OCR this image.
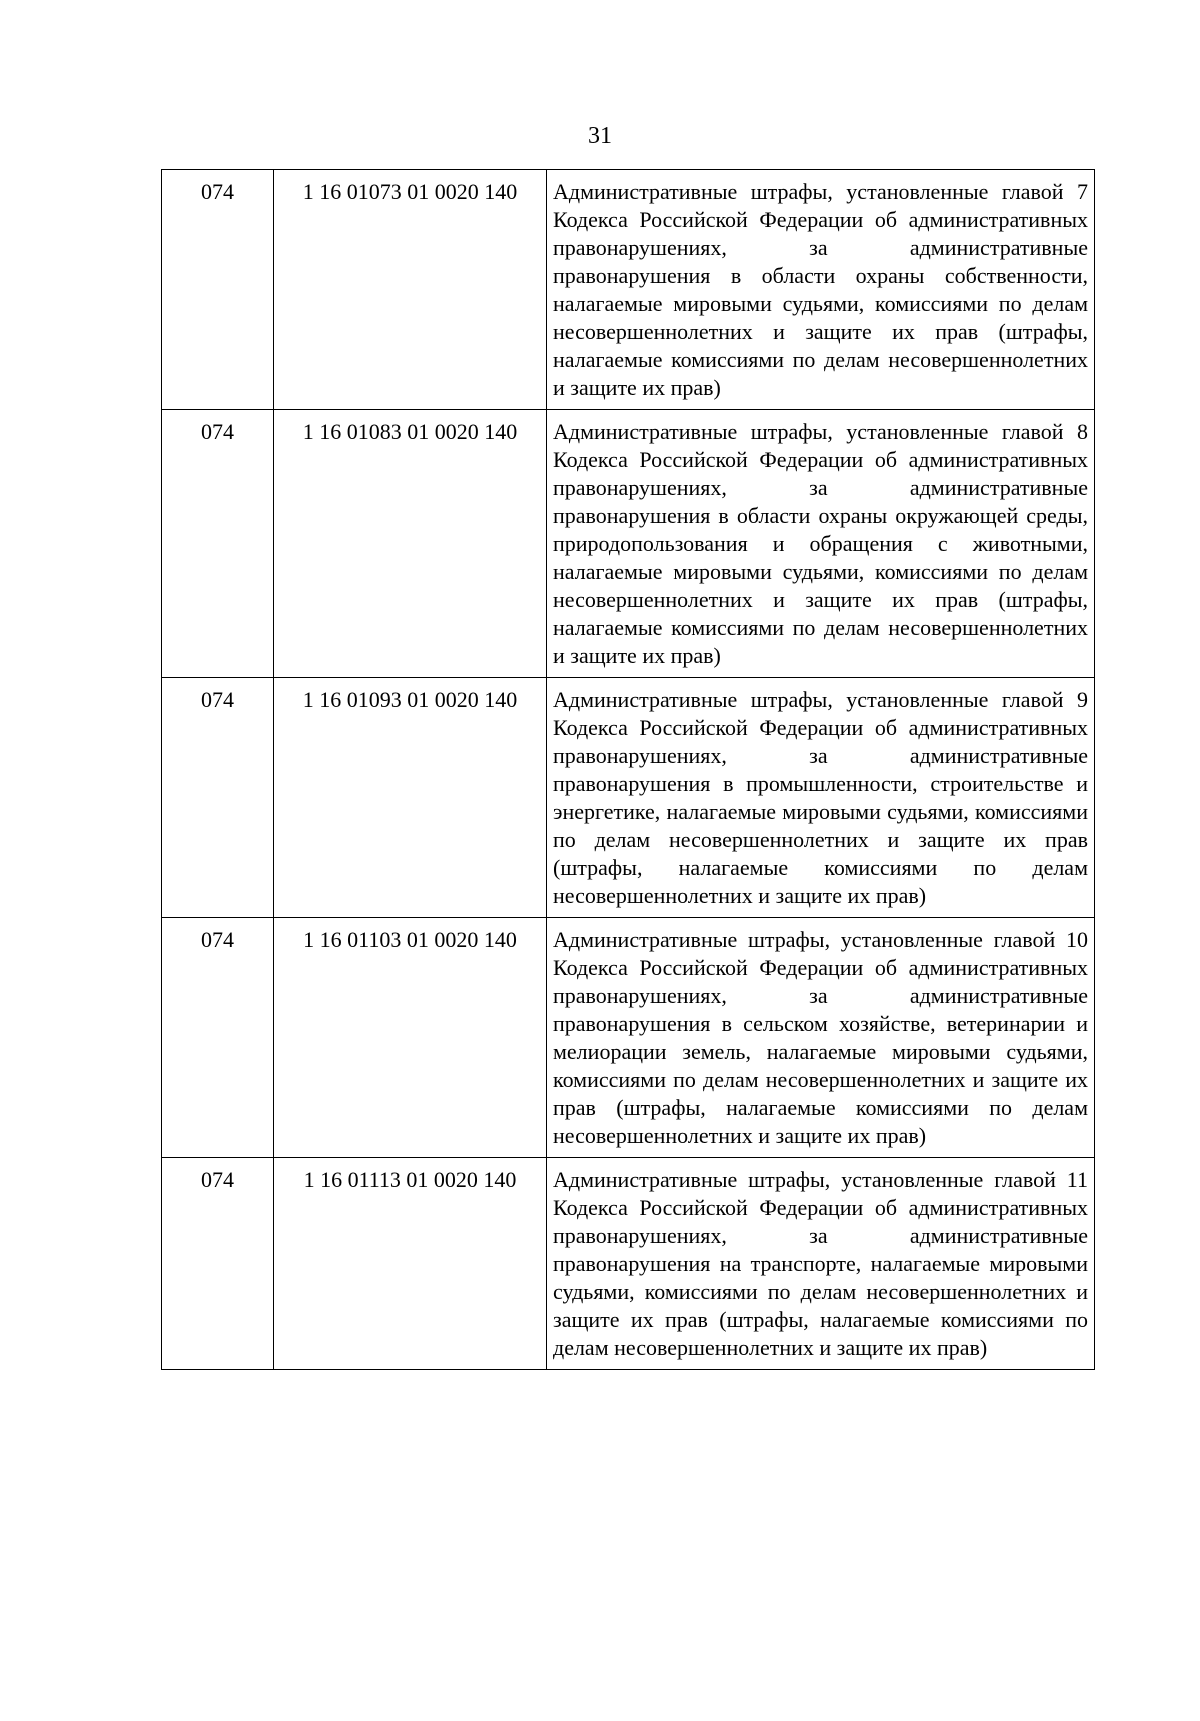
31
074	1 16 01073 01 0020 140	Административные штрафы, установленные главой 7 Кодекса Российской Федерации об административных правонарушениях, за административные правонарушения в области охраны собственности, налагаемые мировыми судьями, комиссиями по делам несовершеннолетних и защите их прав (штрафы, налагаемые комиссиями по делам несовершеннолетних и защите их прав)
074	1 16 01083 01 0020 140	Административные штрафы, установленные главой 8 Кодекса Российской Федерации об административных правонарушениях, за административные правонарушения в области охраны окружающей среды, природопользования и обращения с животными, налагаемые мировыми судьями, комиссиями по делам несовершеннолетних и защите их прав (штрафы, налагаемые комиссиями по делам несовершеннолетних и защите их прав)
074	1 16 01093 01 0020 140	Административные штрафы, установленные главой 9 Кодекса Российской Федерации об административных правонарушениях, за административные правонарушения в промышленности, строительстве и энергетике, налагаемые мировыми судьями, комиссиями по делам несовершеннолетних и защите их прав (штрафы, налагаемые комиссиями по делам несовершеннолетних и защите их прав)
074	1 16 01103 01 0020 140	Административные штрафы, установленные главой 10 Кодекса Российской Федерации об административных правонарушениях, за административные правонарушения в сельском хозяйстве, ветеринарии и мелиорации земель, налагаемые мировыми судьями, комиссиями по делам несовершеннолетних и защите их прав (штрафы, налагаемые комиссиями по делам несовершеннолетних и защите их прав)
074	1 16 01113 01 0020 140	Административные штрафы, установленные главой 11 Кодекса Российской Федерации об административных правонарушениях, за административные правонарушения на транспорте, налагаемые мировыми судьями, комиссиями по делам несовершеннолетних и защите их прав (штрафы, налагаемые комиссиями по делам несовершеннолетних и защите их прав)
